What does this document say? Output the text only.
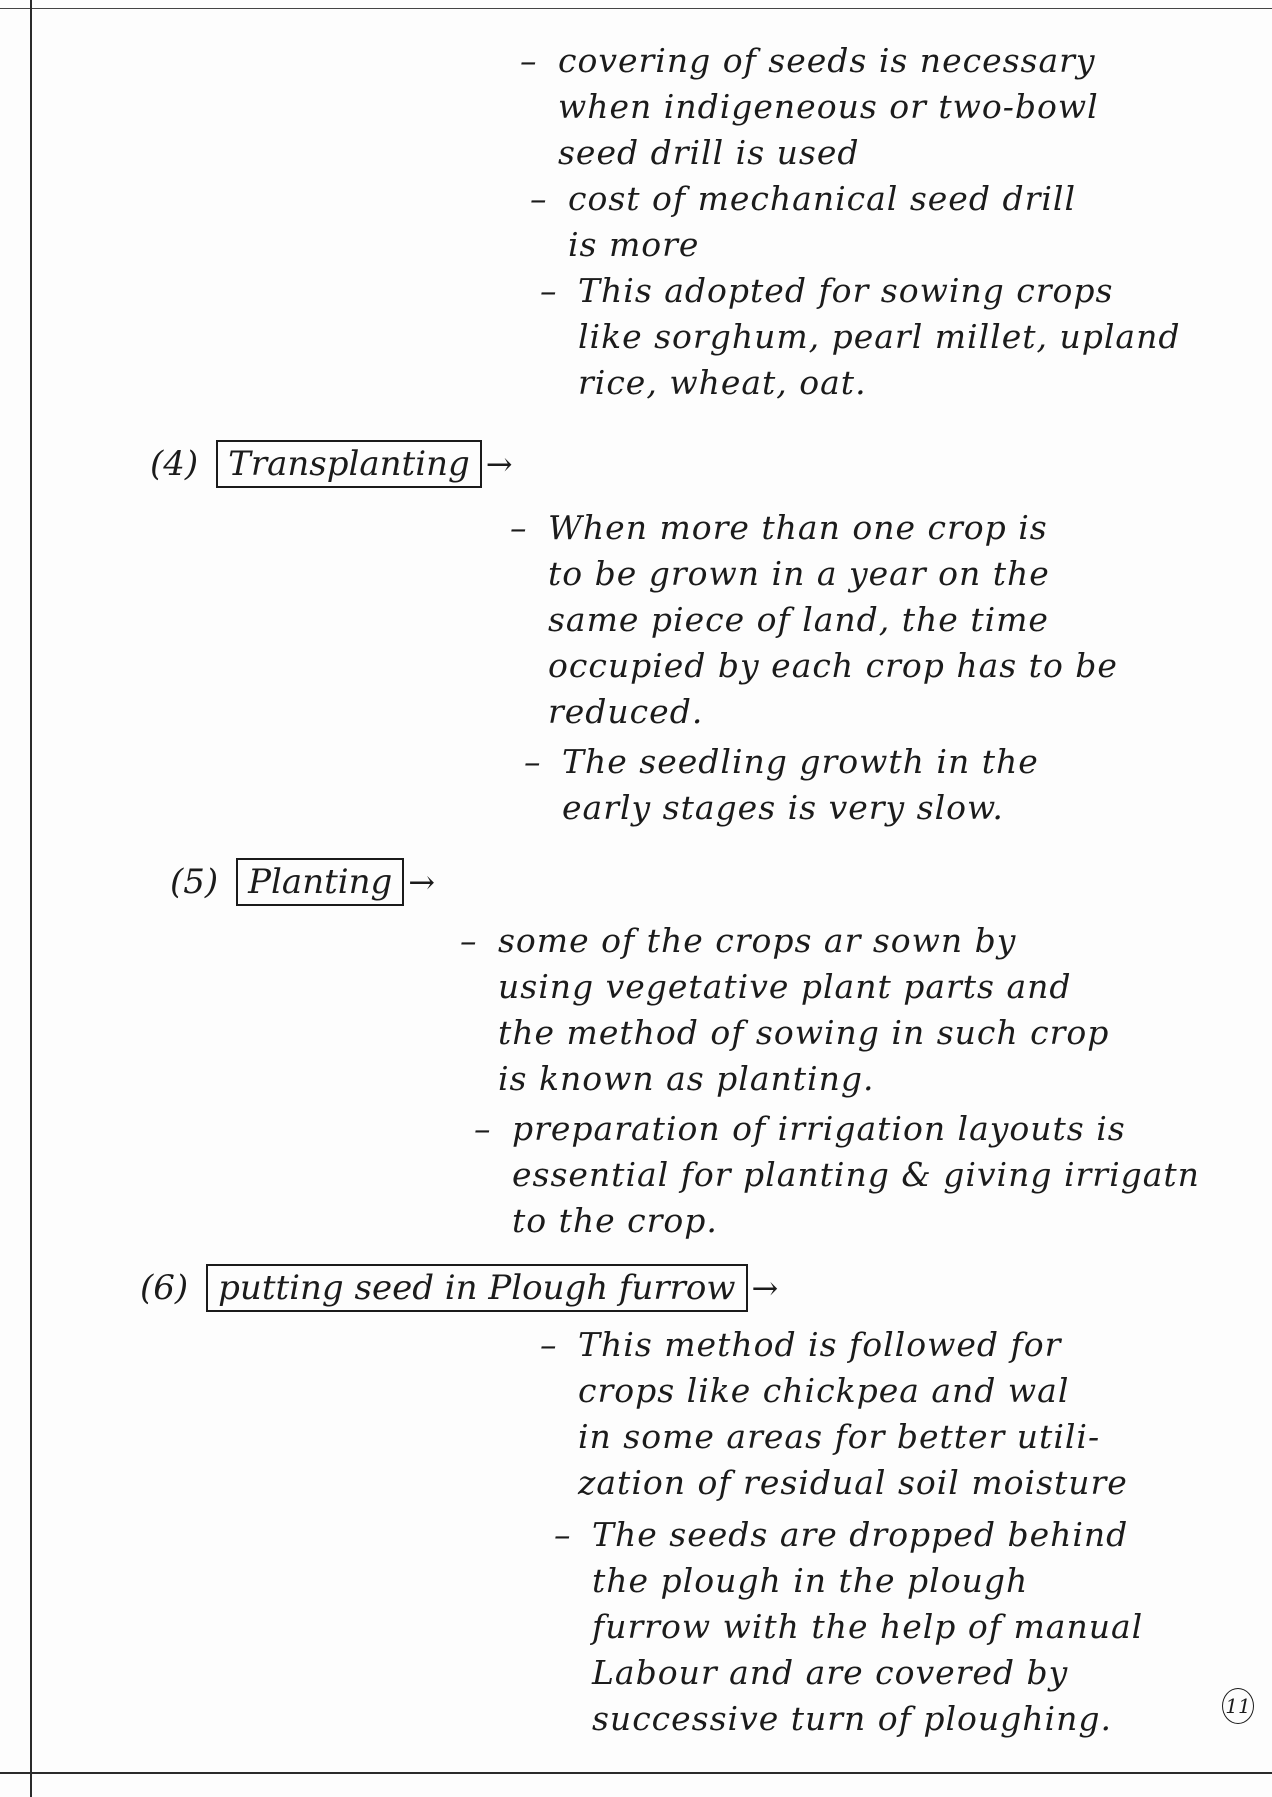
– covering of seeds is necessary
when indigeneous or two-bowl
seed drill is used
– cost of mechanical seed drill
is more
– This adopted for sowing crops
like sorghum, pearl millet, upland
rice, wheat, oat.
(4) Transplanting →
– When more than one crop is
to be grown in a year on the
same piece of land, the time
occupied by each crop has to be
reduced.
– The seedling growth in the
early stages is very slow.
(5) Planting →
– some of the crops ar sown by
using vegetative plant parts and
the method of sowing in such crop
is known as planting.
– preparation of irrigation layouts is
essential for planting & giving irrigatn
to the crop.
(6) putting seed in Plough furrow →
– This method is followed for
crops like chickpea and wal
in some areas for better utili-
zation of residual soil moisture
– The seeds are dropped behind
the plough in the plough
furrow with the help of manual
Labour and are covered by
successive turn of ploughing.	11
